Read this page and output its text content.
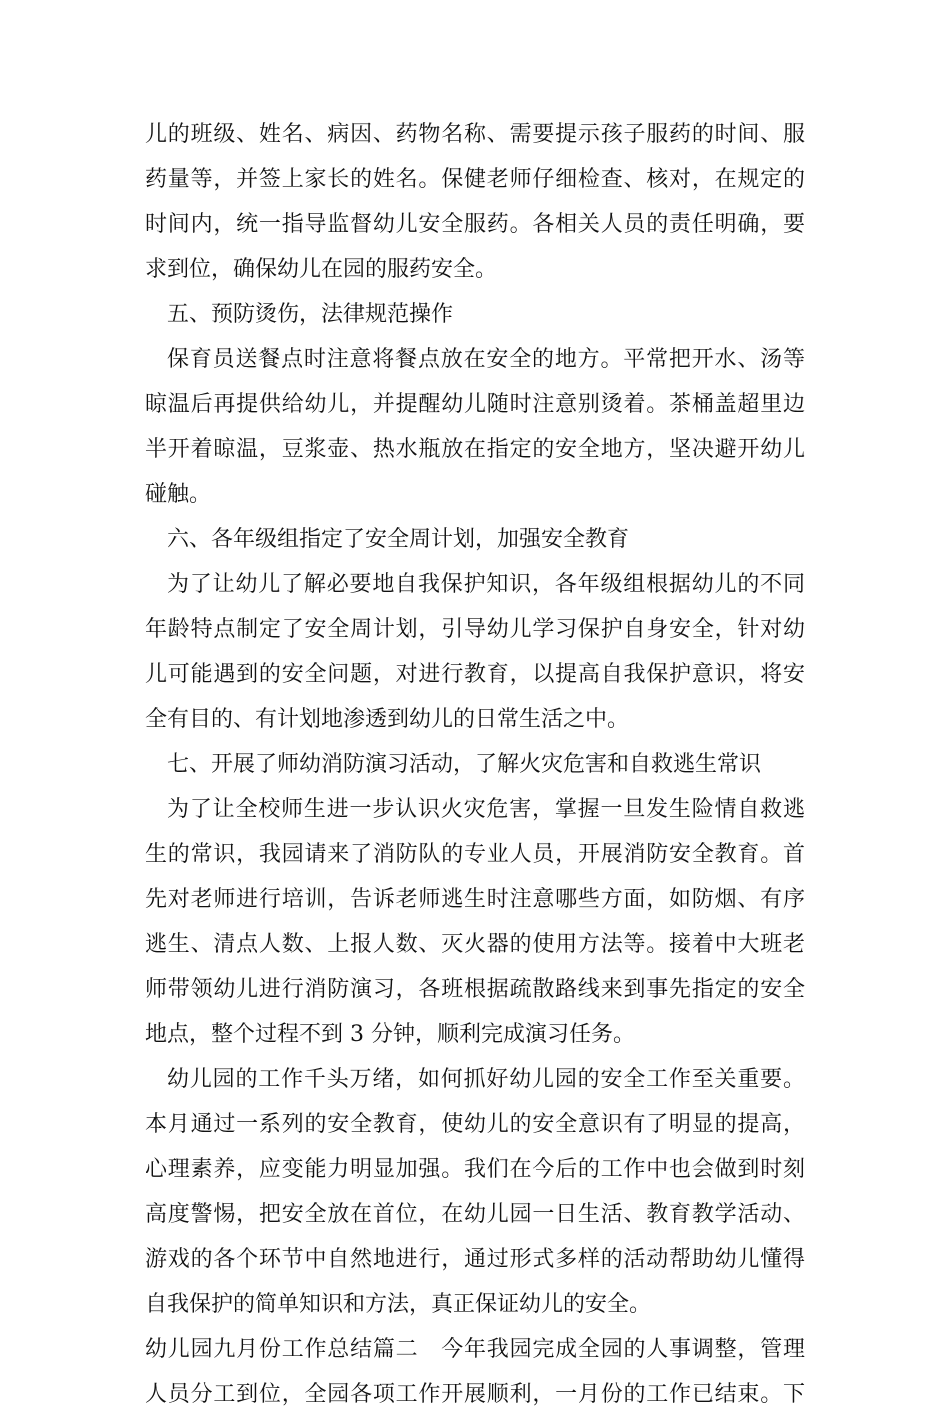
儿的班级、姓名、病因、药物名称、需要提示孩子服药的时间、服
药量等，并签上家长的姓名。保健老师仔细检查、核对，在规定的
时间内，统一指导监督幼儿安全服药。各相关人员的责任明确，要
求到位，确保幼儿在园的服药安全。
五、预防烫伤，法律规范操作
保育员送餐点时注意将餐点放在安全的地方。平常把开水、汤等
晾温后再提供给幼儿，并提醒幼儿随时注意别烫着。茶桶盖超里边
半开着晾温，豆浆壶、热水瓶放在指定的安全地方，坚决避开幼儿
碰触。
六、各年级组指定了安全周计划，加强安全教育
为了让幼儿了解必要地自我保护知识，各年级组根据幼儿的不同
年龄特点制定了安全周计划，引导幼儿学习保护自身安全，针对幼
儿可能遇到的安全问题，对进行教育，以提高自我保护意识，将安
全有目的、有计划地渗透到幼儿的日常生活之中。
七、开展了师幼消防演习活动，了解火灾危害和自救逃生常识
为了让全校师生进一步认识火灾危害，掌握一旦发生险情自救逃
生的常识，我园请来了消防队的专业人员，开展消防安全教育。首
先对老师进行培训，告诉老师逃生时注意哪些方面，如防烟、有序
逃生、清点人数、上报人数、灭火器的使用方法等。接着中大班老
师带领幼儿进行消防演习，各班根据疏散路线来到事先指定的安全
地点，整个过程不到 3 分钟，顺利完成演习任务。
幼儿园的工作千头万绪，如何抓好幼儿园的安全工作至关重要。
本月通过一系列的安全教育，使幼儿的安全意识有了明显的提高，
心理素养，应变能力明显加强。我们在今后的工作中也会做到时刻
高度警惕，把安全放在首位，在幼儿园一日生活、教育教学活动、
游戏的各个环节中自然地进行，通过形式多样的活动帮助幼儿懂得
自我保护的简单知识和方法，真正保证幼儿的安全。
幼儿园九月份工作总结篇二　今年我园完成全园的人事调整，管理
人员分工到位，全园各项工作开展顺利，一月份的工作已结束。下
